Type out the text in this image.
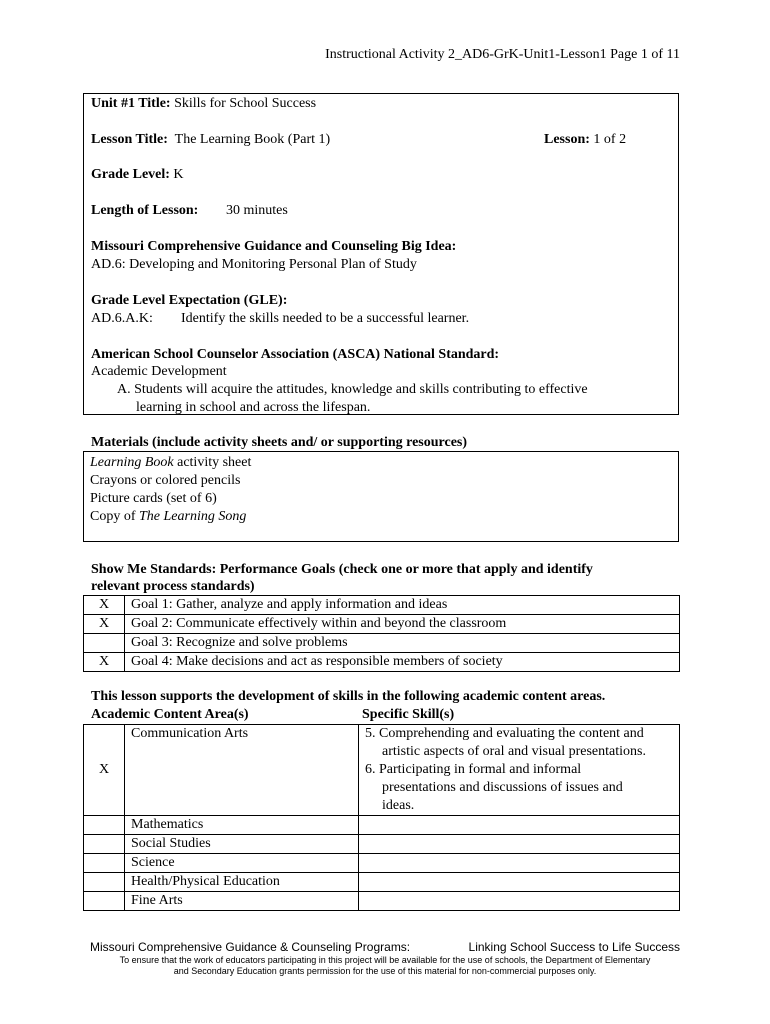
Instructional Activity 2_AD6-GrK-Unit1-Lesson1 Page 1 of 11
Unit #1 Title: Skills for School Success
Lesson Title: The Learning Book (Part 1)	Lesson: 1 of 2
Grade Level: K
Length of Lesson: 30 minutes
Missouri Comprehensive Guidance and Counseling Big Idea:
AD.6: Developing and Monitoring Personal Plan of Study
Grade Level Expectation (GLE):
AD.6.A.K: Identify the skills needed to be a successful learner.
American School Counselor Association (ASCA) National Standard:
Academic Development
A. Students will acquire the attitudes, knowledge and skills contributing to effective
learning in school and across the lifespan.
Materials (include activity sheets and/ or supporting resources)
Learning Book activity sheet
Crayons or colored pencils
Picture cards (set of 6)
Copy of The Learning Song
Show Me Standards: Performance Goals (check one or more that apply and identify
relevant process standards)
X	Goal 1: Gather, analyze and apply information and ideas
X	Goal 2: Communicate effectively within and beyond the classroom
	Goal 3: Recognize and solve problems
X	Goal 4: Make decisions and act as responsible members of society
This lesson supports the development of skills in the following academic content areas.
Academic Content Area(s)	Specific Skill(s)
X	Communication Arts	5. Comprehending and evaluating the content and
artistic aspects of oral and visual presentations.
6. Participating in formal and informal
presentations and discussions of issues and
ideas.

	Mathematics	
	Social Studies	
	Science	
	Health/Physical Education	
	Fine Arts	
Missouri Comprehensive Guidance & Counseling Programs:	Linking School Success to Life Success
To ensure that the work of educators participating in this project will be available for the use of schools, the Department of Elementary
and Secondary Education grants permission for the use of this material for non-commercial purposes only.
